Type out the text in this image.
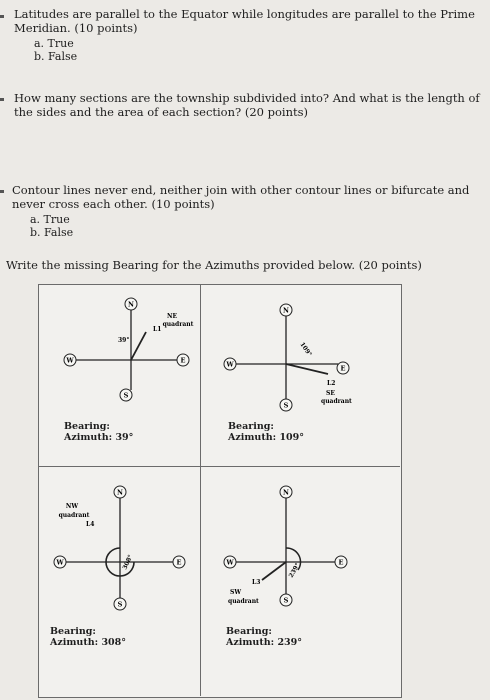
Latitudes are parallel to the Equator while longitudes are parallel to the Prime
Meridian. (10 points)
a. True
b. False
How many sections are the township subdivided into? And what is the length of
the sides and the area of each section? (20 points)
Contour lines never end, neither join with other contour lines or bifurcate and
never cross each other. (10 points)
a. True
b. False
Write the missing Bearing for the Azimuths provided below. (20 points)
N
E
S
W
39°
L1
NE
quadrant
Bearing:
Azimuth: 39°
N
E
S
W
109°
L2
SE
quadrant
Bearing:
Azimuth: 109°
N
E
S
W	308°
NW
quadrant
L4
Bearing:
Azimuth: 308°
N
E
S
W	239°
L3
SW
quadrant
Bearing:
Azimuth: 239°
